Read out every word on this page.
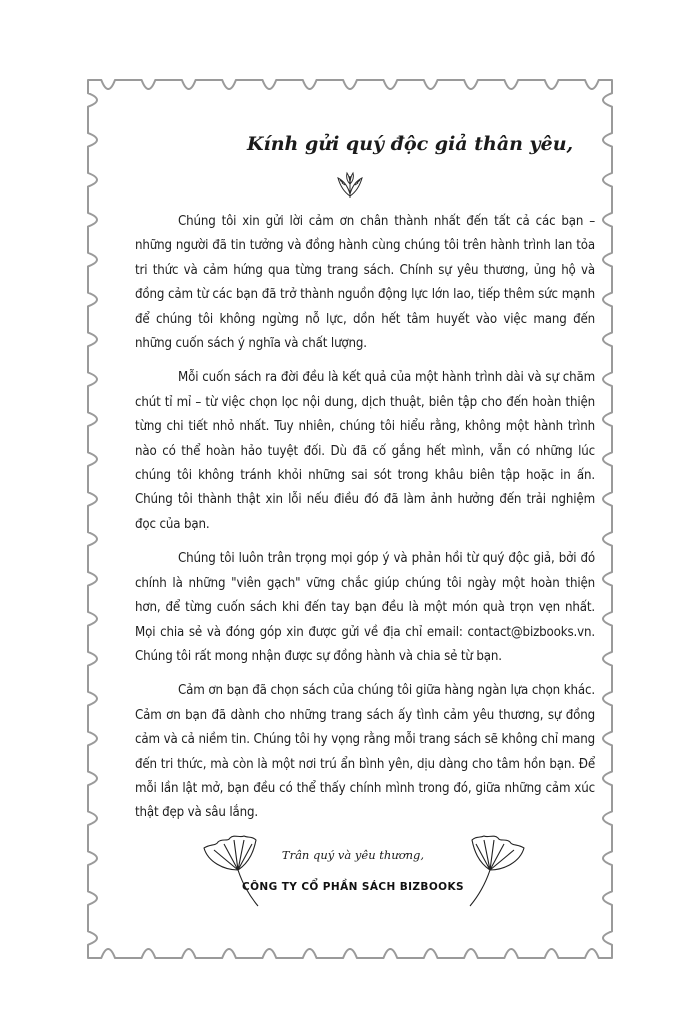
Kính gửi quý độc giả thân yêu,

Chúng tôi xin gửi lời cảm ơn chân thành nhất đến tất cả các bạn – những người đã tin tưởng và đồng hành cùng chúng tôi trên hành trình lan tỏa tri thức và cảm hứng qua từng trang sách. Chính sự yêu thương, ủng hộ và đồng cảm từ các bạn đã trở thành nguồn động lực lớn lao, tiếp thêm sức mạnh để chúng tôi không ngừng nỗ lực, dồn hết tâm huyết vào việc mang đến những cuốn sách ý nghĩa và chất lượng.

Mỗi cuốn sách ra đời đều là kết quả của một hành trình dài và sự chăm chút tỉ mỉ – từ việc chọn lọc nội dung, dịch thuật, biên tập cho đến hoàn thiện từng chi tiết nhỏ nhất. Tuy nhiên, chúng tôi hiểu rằng, không một hành trình nào có thể hoàn hảo tuyệt đối. Dù đã cố gắng hết mình, vẫn có những lúc chúng tôi không tránh khỏi những sai sót trong khâu biên tập hoặc in ấn. Chúng tôi thành thật xin lỗi nếu điều đó đã làm ảnh hưởng đến trải nghiệm đọc của bạn.

Chúng tôi luôn trân trọng mọi góp ý và phản hồi từ quý độc giả, bởi đó chính là những "viên gạch" vững chắc giúp chúng tôi ngày một hoàn thiện hơn, để từng cuốn sách khi đến tay bạn đều là một món quà trọn vẹn nhất. Mọi chia sẻ và đóng góp xin được gửi về địa chỉ email: contact@bizbooks.vn. Chúng tôi rất mong nhận được sự đồng hành và chia sẻ từ bạn.

Cảm ơn bạn đã chọn sách của chúng tôi giữa hàng ngàn lựa chọn khác. Cảm ơn bạn đã dành cho những trang sách ấy tình cảm yêu thương, sự đồng cảm và cả niềm tin. Chúng tôi hy vọng rằng mỗi trang sách sẽ không chỉ mang đến tri thức, mà còn là một nơi trú ẩn bình yên, dịu dàng cho tâm hồn bạn. Để mỗi lần lật mở, bạn đều có thể thấy chính mình trong đó, giữa những cảm xúc thật đẹp và sâu lắng.

Trân quý và yêu thương,
CÔNG TY CỔ PHẦN SÁCH BIZBOOKS
